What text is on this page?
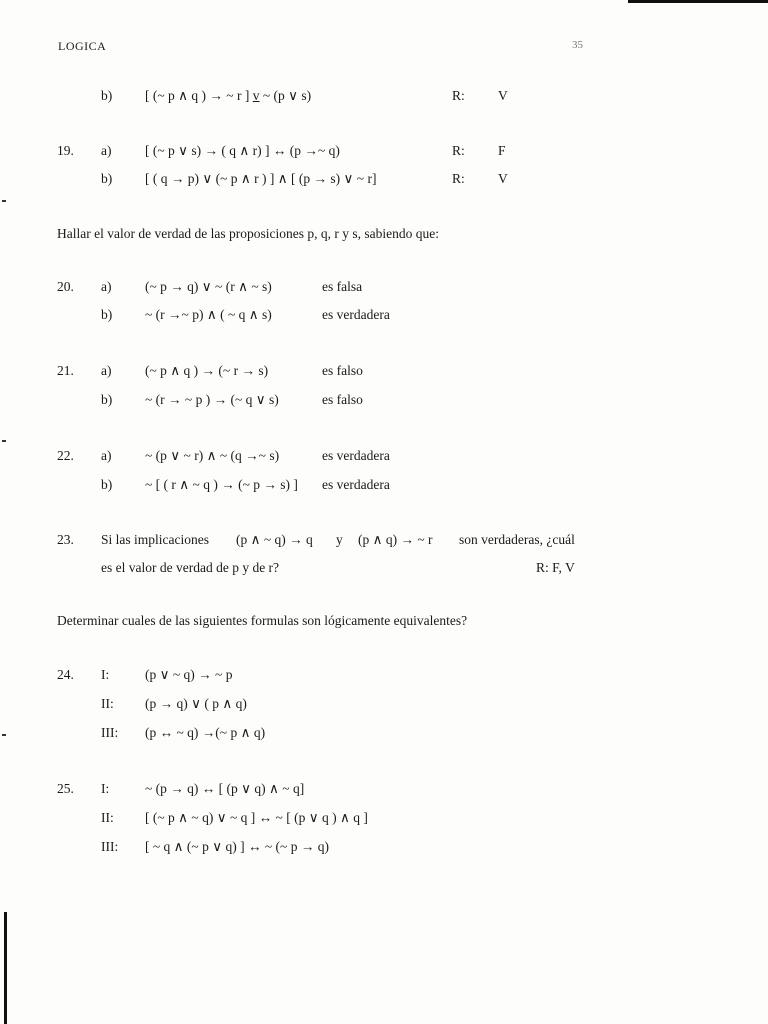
LOGICA	35
b) [ (~ p ∧ q ) → ~ r ] v ~ (p ∨ s)	R: V
19. a) [ (~ p ∨ s) → ( q ∧ r) ] ↔ (p →~ q)	R: F
b) [ ( q → p) ∨ (~ p ∧ r ) ] ∧ [ (p → s) ∨ ~ r]	R: V
Hallar el valor de verdad de las proposiciones p, q, r y s, sabiendo que:
20. a) (~ p → q) ∨ ~ (r ∧ ~ s)	es falsa
b) ~ (r →~ p) ∧ ( ~ q ∧ s)	es verdadera
21. a) (~ p ∧ q ) → (~ r → s)	es falso
b) ~ (r → ~ p ) → (~ q ∨ s)	es falso
22. a) ~ (p ∨ ~ r) ∧ ~ (q →~ s)	es verdadera
b) ~ [ ( r ∧ ~ q ) → (~ p → s) ] es verdadera
23. Si las implicaciones (p ∧ ~ q) → q y (p ∧ q) → ~ r son verdaderas, ¿cuál
es el valor de verdad de p y de r?	R: F, V
Determinar cuales de las siguientes formulas son lógicamente equivalentes?
24. I:	(p ∨ ~ q) → ~ p
II: (p → q) ∨ ( p ∧ q)
III: (p ↔ ~ q) →(~ p ∧ q)
25. I:	~ (p → q) ↔ [ (p ∨ q) ∧ ~ q]
II: [ (~ p ∧ ~ q) ∨ ~ q ] ↔ ~ [ (p ∨ q ) ∧ q ]
III: [ ~ q ∧ (~ p ∨ q) ] ↔ ~ (~ p → q)
